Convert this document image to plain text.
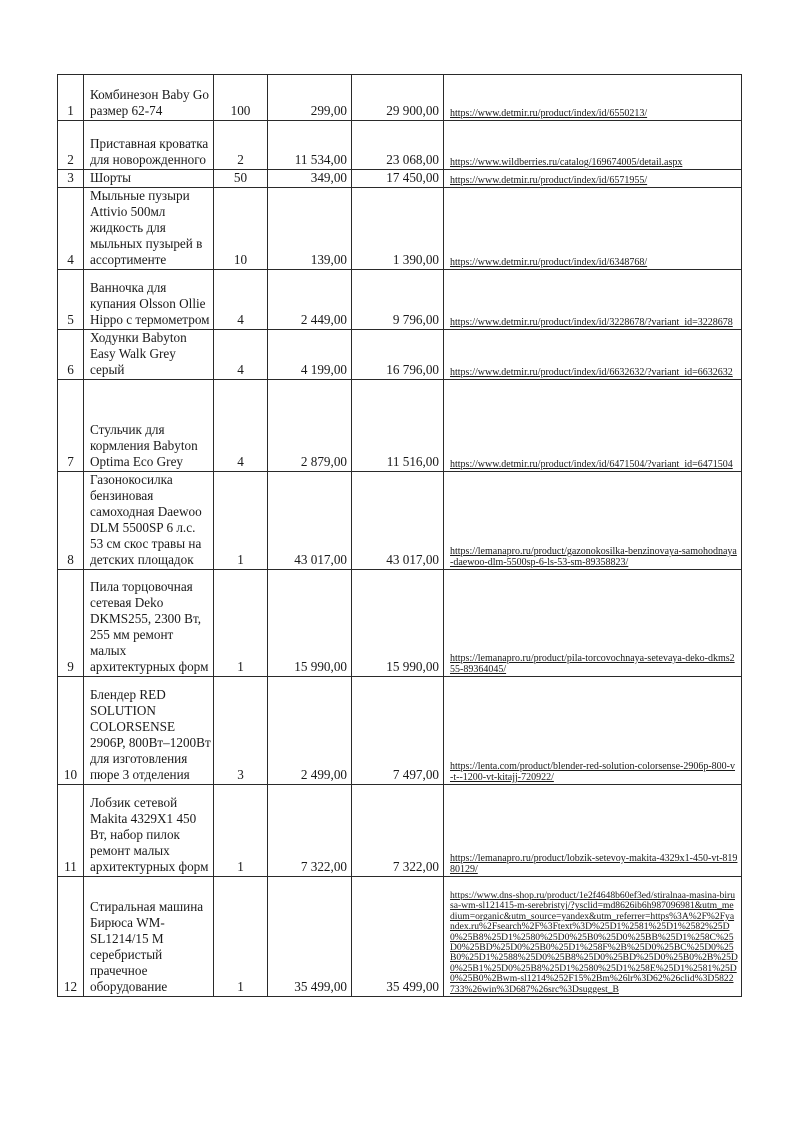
1	Комбинезон Baby Go размер 62-74	100	299,00	29 900,00	https://www.detmir.ru/product/index/id/6550213/
2	Приставная кроватка для новорожденного	2	11 534,00	23 068,00	https://www.wildberries.ru/catalog/169674005/detail.aspx
3	Шорты	50	349,00	17 450,00	https://www.detmir.ru/product/index/id/6571955/
4	Мыльные пузыри Attivio 500мл жидкость для мыльных пузырей в ассортименте	10	139,00	1 390,00	https://www.detmir.ru/product/index/id/6348768/
5	Ванночка для купания Olsson Ollie Hippo с термометром	4	2 449,00	9 796,00	https://www.detmir.ru/product/index/id/3228678/?variant_id=3228678
6	Ходунки Babyton Easy Walk Grey серый	4	4 199,00	16 796,00	https://www.detmir.ru/product/index/id/6632632/?variant_id=6632632
7	Стульчик для кормления Babyton Optima Eco Grey	4	2 879,00	11 516,00	https://www.detmir.ru/product/index/id/6471504/?variant_id=6471504
8	Газонокосилка бензиновая самоходная Daewoo DLM 5500SP 6 л.с. 53 см скос травы на детских площадок	1	43 017,00	43 017,00	https://lemanapro.ru/product/gazonokosilka-benzinovaya-samohodnaya-daewoo-dlm-5500sp-6-ls-53-sm-89358823/
9	Пила торцовочная сетевая Deko DKMS255, 2300 Вт, 255 мм ремонт малых архитектурных форм	1	15 990,00	15 990,00	https://lemanapro.ru/product/pila-torcovochnaya-setevaya-deko-dkms255-89364045/
10	Блендер RED SOLUTION COLORSENSE 2906P, 800Вт–1200Вт для изготовления пюре 3 отделения	3	2 499,00	7 497,00	https://lenta.com/product/blender-red-solution-colorsense-2906p-800-v-t--1200-vt-kitajj-720922/
11	Лобзик сетевой Makita 4329X1 450 Вт, набор пилок ремонт малых архитектурных форм	1	7 322,00	7 322,00	https://lemanapro.ru/product/lobzik-setevoy-makita-4329x1-450-vt-81980129/
12	Стиральная машина Бирюса WM-SL1214/15 M серебристый прачечное оборудование	1	35 499,00	35 499,00	https://www.dns-shop.ru/product/1e2f4648b60ef3ed/stiralnaa-masina-birusa-wm-sl121415-m-serebristyj/?ysclid=md8626ib6h987096981&utm_medium=organic&utm_source=yandex&utm_referrer=https%3A%2F%2Fyandex.ru%2Fsearch%2F%3Ftext%3D%25D1%2581%25D1%2582%25D0%25B8%25D1%2580%25D0%25B0%25D0%25BB%25D1%258C%25D0%25BD%25D0%25B0%25D1%258F%2B%25D0%25BC%25D0%25B0%25D1%2588%25D0%25B8%25D0%25BD%25D0%25B0%2B%25D0%25B1%25D0%25B8%25D1%2580%25D1%258E%25D1%2581%25D0%25B0%2Bwm-sl1214%252F15%2Bm%26lr%3D62%26clid%3D5822733%26win%3D687%26src%3Dsuggest_B
